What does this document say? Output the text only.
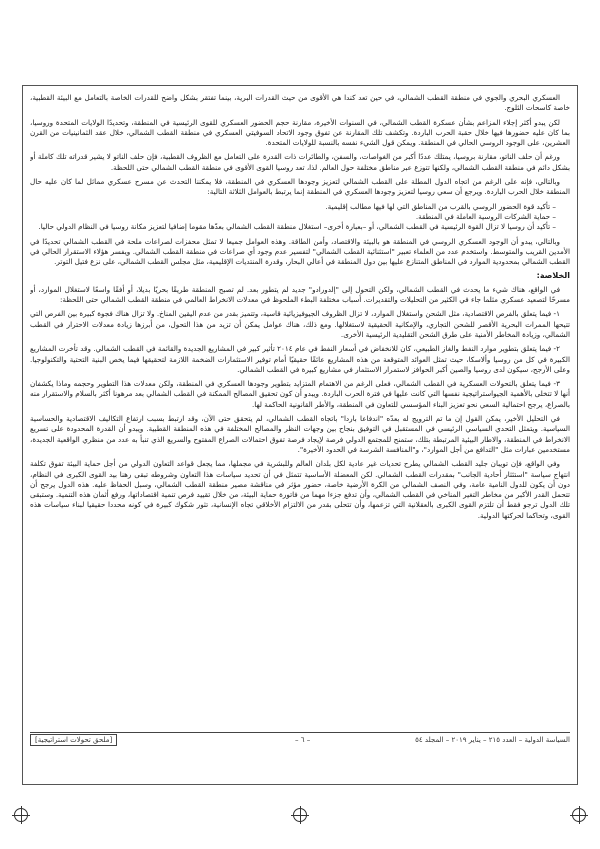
العسكري البحري والجوي في منطقة القطب الشمالي، في حين تعد كندا هي الأقوى من حيث القدرات البرية، بينما تفتقر بشكل واضح للقدرات الخاصة بالتعامل مع البيئة القطبية، خاصة كاسحات الثلوج.

لكن يبدو أكثر إجلاء المزاعم بشأن عسكرة القطب الشمالي، في السنوات الأخيرة، مقارنة حجم الحضور العسكري للقوى الرئيسية في المنطقة، وتحديدًا الولايات المتحدة وروسيا، بما كان عليه حضورها فيها خلال حقبة الحرب الباردة. وتكشف تلك المقارنة عن تفوق وجود الاتحاد السوفيتي العسكري في منطقة القطب الشمالي، خلال عقد الثمانينيات من القرن العشرين، على الوجود الروسي الحالي في المنطقة. ويمكن قول الشيء نفسه بالنسبة للولايات المتحدة.

ورغم أن حلف الناتو، مقارنة بروسيا، يمتلك عددًا أكبر من الغواصات، والسفن، والطائرات ذات القدرة على التعامل مع الظروف القطبية، فإن حلف الناتو لا يشير قدراته تلك كاملة أو بشكل دائم في منطقة القطب الشمالي، ولكنها تتوزع عبر مناطق مختلفة حول العالم. لذا، تعد روسيا القوى الأقوى في منطقة القطب الشمالي حتى اللحظة.

وبالتالي، فإنه على الرغم من اتجاه الدول المطلة على القطب الشمالي لتعزيز وجودها العسكري في المنطقة، فلا يمكننا التحدث عن مسرح عسكري مماثل لما كان عليه حال المنطقة خلال الحرب الباردة. ويرجع أن سعي روسيا لتعزيز وجودها العسكري في المنطقة إنما يرتبط بالعوامل الثلاثة التالية:

– تأكيد قوة الحضور الروسي بالقرب من المناطق التي لها فيها مطالب إقليمية.
– حماية الشركات الروسية العاملة في المنطقة.
– تأكيد أن روسيا لا تزال القوة الرئيسية في القطب الشمالي، أو –بعبارة أخرى– استغلال منطقة القطب الشمالي بعدّها مقوما إضافيا لتعزيز مكانة روسيا في النظام الدولي حاليا.

وبالتالي، يبدو أن الوجود العسكري الروسي في المنطقة هو بالبيئة والاقتصاد، وأمن الطاقة. وهذه العوامل جميعا لا تمثل محفزات لصراعات ملحة في القطب الشمالي تحديدًا في الأمدين القريب والمتوسط. واستخدم عدد من العلماء تعبير "استثنائية القطب الشمالي" لتفسير عدم وجود أي صراعات في منطقة القطب الشمالي. ويفسر هؤلاء الاستقرار الحالي في القطب الشمالي بمحدودية الموارد في المناطق المتنازع عليها بين دول المنطقة في أعالي البحار، وقدرة المنتديات الإقليمية، مثل مجلس القطب الشمالي، على نزع فتيل التوتر.

الخلاصة:

في الواقع، هناك شيء ما يحدث في القطب الشمالي، ولكن التحول إلى "إلدورادو" جديد لم يتطور بعد. لم تصبح المنطقة طريقًا بحريًا بديلا، أو أفقًا واسعًا لاستغلال الموارد، أو مسرحًا لتصعيد عسكري مثلما جاء في الكثير من التحليلات والتقديرات. أسباب مختلفة البطء الملحوظ في معدلات الانخراط العالمي في منطقة القطب الشمالي حتى اللحظة:

١- فيما يتعلق بالفرص الاقتصادية، مثل الشحن واستغلال الموارد، لا تزال الظروف الجيوفيزيائية قاسية، وتتميز بقدر من عدم اليقين المناخ. ولا تزال هناك فجوة كبيرة بين الفرص التي تتيحها الممرات البحرية الأقصر للشحن التجاري، والإمكانية الحقيقية لاستغلالها. ومع ذلك، هناك عوامل يمكن أن تزيد من هذا التحول، من أبرزها زيادة معدلات الاحترار في القطب الشمالي، وزيادة المخاطر الأمنية على طرق الشحن التقليدية الرئيسية الأخرى.

٢- فيما يتعلق بتطوير موارد النفط والغاز الطبيعي، كان للانخفاض في أسعار النفط في عام ٢٠١٤ تأثير كبير في المشاريع الجديدة والقائمة في القطب الشمالي. وقد تأخرت المشاريع الكبيرة في كل من روسيا وألاسكا، حيث تمثل العوائد المتوقعة من هذه المشاريع عائقًا حقيقيًا أمام توفير الاستثمارات الضخمة اللازمة لتحقيقها فيما يخص البنية التحتية والتكنولوجيا. وعلى الأرجح، سيكون لدى روسيا والصين أكبر الحوافز لاستمرار الاستثمار في مشاريع كبيرة في القطب الشمالي.

٣- فيما يتعلق بالتحولات العسكرية في القطب الشمالي، فعلى الرغم من الاهتمام المتزايد بتطوير وجودها العسكري في المنطقة، ولكن معدلات هذا التطوير وحجمه وماذا يكشفان أنها لا تتخلى بالأهمية الجيواستراتيجية نفسها التي كانت عليها في فترة الحرب الباردة. ويبدو أن كون تحقيق المصالح الممكنة في القطب الشمالي بعد مرهونا أكثر بالسلام والاستقرار منه بالصراع، يرجح احتمالية السعي نحو تعزيز البناء المؤسسي للتعاون في المنطقة، والأطر القانونية الحاكمة لها.

في التحليل الأخير، يمكن القول إن ما تم الترويج له بعدّه "اندفاعا باردا" باتجاه القطب الشمالي، لم يتحقق حتى الآن، وقد ارتبط بسبب ارتفاع التكاليف الاقتصادية والحساسية السياسية. ويتمثل التحدي السياسي الرئيسي في المستقبل في التوفيق بنجاح بين وجهات النظر والمصالح المختلفة في هذه المنطقة القطبية. ويبدو أن القدرة المحدودة على تسريع الانخراط في المنطقة، والاطار البيئية المرتبطة بتلك، ستمنح للمجتمع الدولي فرصة لإيجاد فرصة تفوق احتمالات الصراع المفتوح والسريع الذي تنبأ به عدد من منظري الواقعية الجديدة، مستخدمين عبارات مثل "التدافع من أجل الموارد"، و"المنافسة الشرسة في الحدود الأخيرة".

وفي الواقع، فإن تويبان جليد القطب الشمالي يطرح تحديات غير عادية لكل بلدان العالم وللبشرية في مجملها، مما يجعل قواعد التعاون الدولي من أجل حماية البيئة تفوق تكلفة انتهاج سياسة "استئثار أحادية الجانب" بمقدرات القطب الشمالي. لكن المعضلة الأساسية تتمثل في أن تحديد سياسات هذا التعاون وشروطه تبقى رهنا بيد القوى الكبرى في النظام، دون أن يكون للدول النامية عامة، وفي النصف الشمالي من الكرة الأرضية خاصة، حضور مؤثر في مناقشة مصير منطقة القطب الشمالي، وسبل الحفاظ عليه. هذه الدول يرجح أن تتحمل القدر الأكبر من مخاطر التغير المناخي في القطب الشمالي، وأن تدفع جزءا مهما من فاتورة حماية البيئة، من خلال تقييد فرص تنمية اقتصاداتها، ورفع أثمان هذه التنمية. وستبقى تلك الدول ترجو فقط أن تلتزم القوى الكبرى بالعقلانية التي تزعمها، وأن تتحلى بقدر من الالتزام الأخلاقي تجاه الإنسانية، تثور شكوك كبيرة في كونه محددا حقيقيا لبناء سياسات هذه القوى، وتحاكما لحركتها الدولية.

السياسة الدولية – العدد ٢١٥ – يناير ٢٠١٩ – المجلد ٥٤
– ٦ –
[ملحق تحولات استراتيجية]
